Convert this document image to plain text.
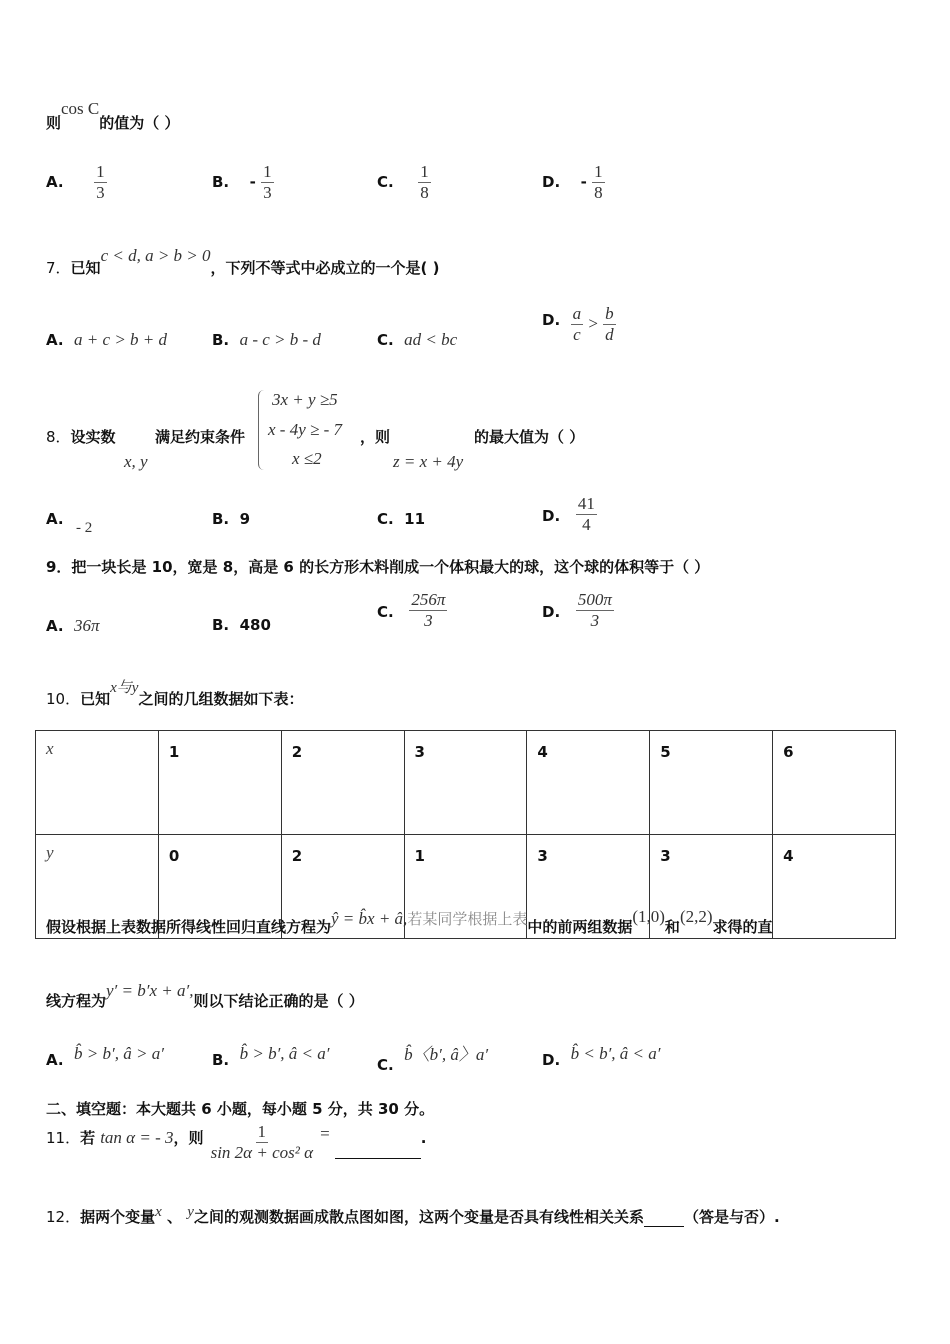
则cos C的值为（ ）
A. $\frac{1}{3}$	B. - $\frac{1}{3}$	C. $\frac{1}{8}$	D. - $\frac{1}{8}$
7．已知c < d, a > b > 0，下列不等式中必成立的一个是( )
A. a + c > b + d	B. a - c > b - d	C. ad < bc
D. $\frac{a}{c} > \frac{b}{d}$
8．设实数
x, y
满足约束条件
3x + y ≥5
x - 4y ≥ - 7
x ≤2
，则
z = x + 4y
的最大值为（ ）
A. - 2	B. 9	C. 11	D. $\frac{41}{4}$
9．把一块长是 10，宽是 8，高是 6 的长方形木料削成一个体积最大的球，这个球的体积等于（ ）
A. 36π	B. 480
C. $\frac{256\pi}{3}$	D. $\frac{500\pi}{3}$
10．已知x与y之间的几组数据如下表：
x	1	2	3	4	5	6
y	0	2	1	3	3	4
假设根据上表数据所得线性回归直线方程为ŷ = b̂x + â,若某同学根据上表中的前两组数据(1,0)和(2,2)求得的直
线方程为y′ = b′x + a′,则以下结论正确的是（ ）
A. b̂ > b′, â > a′	B. b̂ > b′, â < a′
C.  b̂〈b′, â〉a′	D. b̂ < b′, â < a′
二、填空题：本大题共 6 小题，每小题 5 分，共 30 分。
11．若 tan α = - 3，则 $\frac{1}{\text{sin 2α + cos² α}}$ =	.
12．据两个变量x 、 y之间的观测数据画成散点图如图，这两个变量是否具有线性相关关系	（答是与否）.
